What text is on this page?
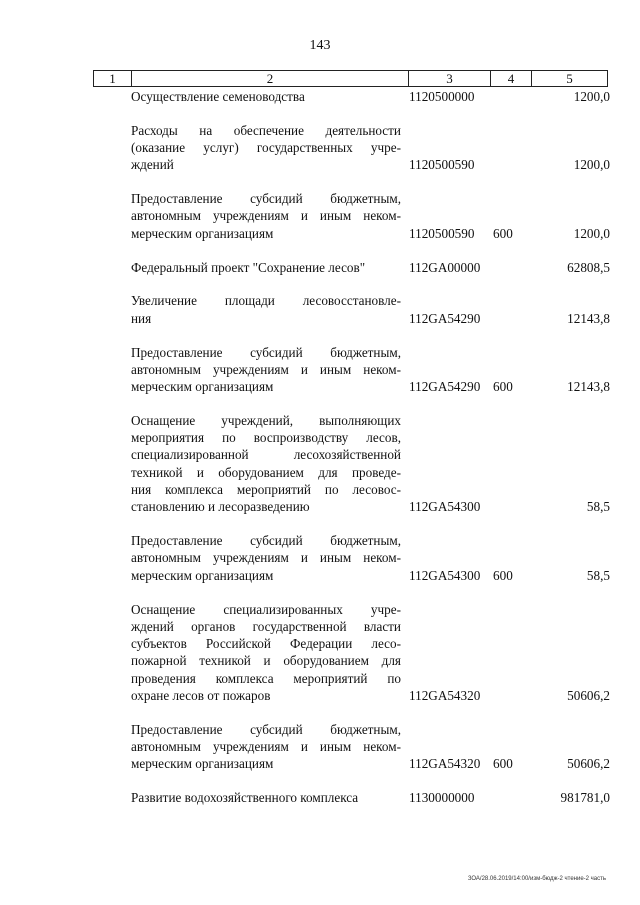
143
1	2	3	4	5
Осуществление семеноводства	1120500000	1200,0
Расходы на обеспечение деятельности
(оказание услуг) государственных учре-
ждений	1120500590	1200,0
Предоставление субсидий бюджетным,
автономным учреждениям и иным неком-
мерческим организациям	1120500590 600	1200,0
Федеральный проект "Сохранение лесов"	112GA00000	62808,5
Увеличение площади лесовосстановле-
ния	112GA54290	12143,8
Предоставление субсидий бюджетным,
автономным учреждениям и иным неком-
мерческим организациям	112GA54290 600	12143,8
Оснащение учреждений, выполняющих
мероприятия по воспроизводству лесов,
специализированной лесохозяйственной
техникой и оборудованием для проведе-
ния комплекса мероприятий по лесовос-
становлению и лесоразведению	112GA54300	58,5
Предоставление субсидий бюджетным,
автономным учреждениям и иным неком-
мерческим организациям	112GA54300 600	58,5
Оснащение специализированных учре-
ждений органов государственной власти
субъектов Российской Федерации лесо-
пожарной техникой и оборудованием для
проведения комплекса мероприятий по
охране лесов от пожаров	112GA54320	50606,2
Предоставление субсидий бюджетным,
автономным учреждениям и иным неком-
мерческим организациям	112GA54320 600	50606,2
Развитие водохозяйственного комплекса	1130000000	981781,0
ЗОА/28.06.2019/14:00/изм-бюдж-2 чтение-2 часть
